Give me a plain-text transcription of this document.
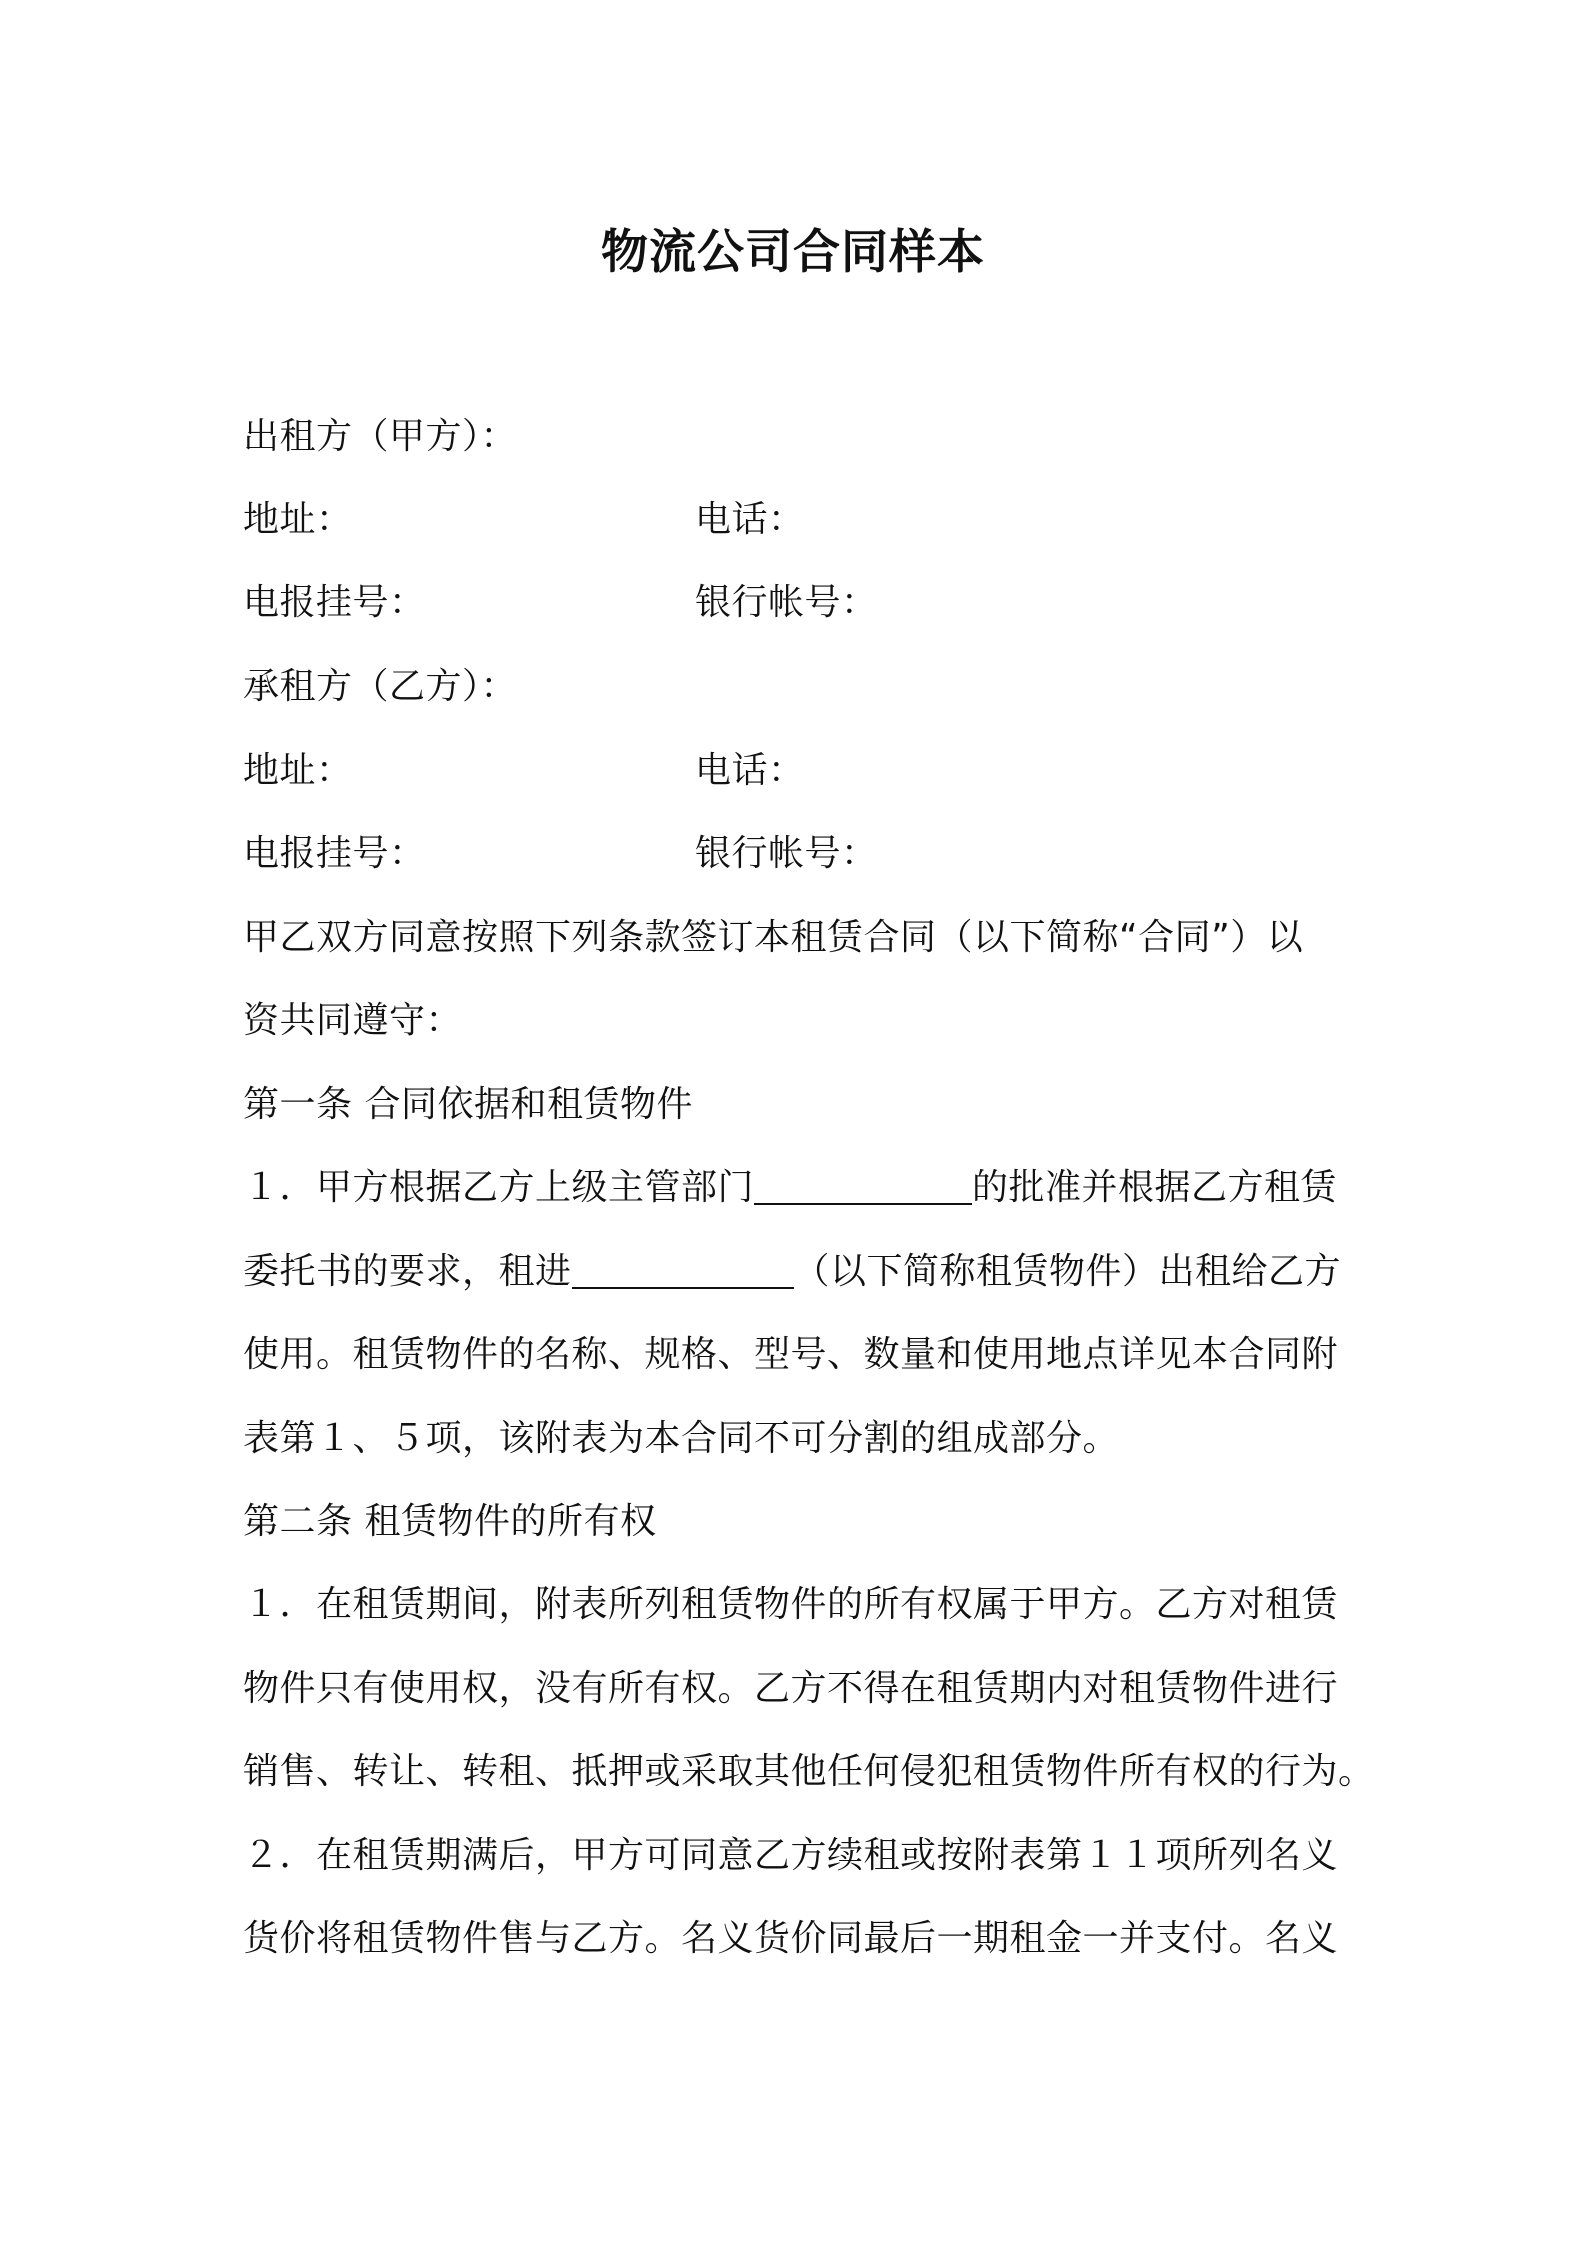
物流公司合同样本
出租方（甲方）：
地址：	电话：
电报挂号：	银行帐号：
承租方（乙方）：
地址：	电话：
电报挂号：	银行帐号：
甲乙双方同意按照下列条款签订本租赁合同（以下简称“合同”）以
资共同遵守：
第一条 合同依据和租赁物件
１．甲方根据乙方上级主管部门	的批准并根据乙方租赁
委托书的要求，租进	（以下简称租赁物件）出租给乙方
使用。租赁物件的名称、规格、型号、数量和使用地点详见本合同附
表第１、５项，该附表为本合同不可分割的组成部分。
第二条 租赁物件的所有权
１．在租赁期间，附表所列租赁物件的所有权属于甲方。乙方对租赁
物件只有使用权，没有所有权。乙方不得在租赁期内对租赁物件进行
销售、转让、转租、抵押或采取其他任何侵犯租赁物件所有权的行为。
２．在租赁期满后，甲方可同意乙方续租或按附表第１１项所列名义
货价将租赁物件售与乙方。名义货价同最后一期租金一并支付。名义
